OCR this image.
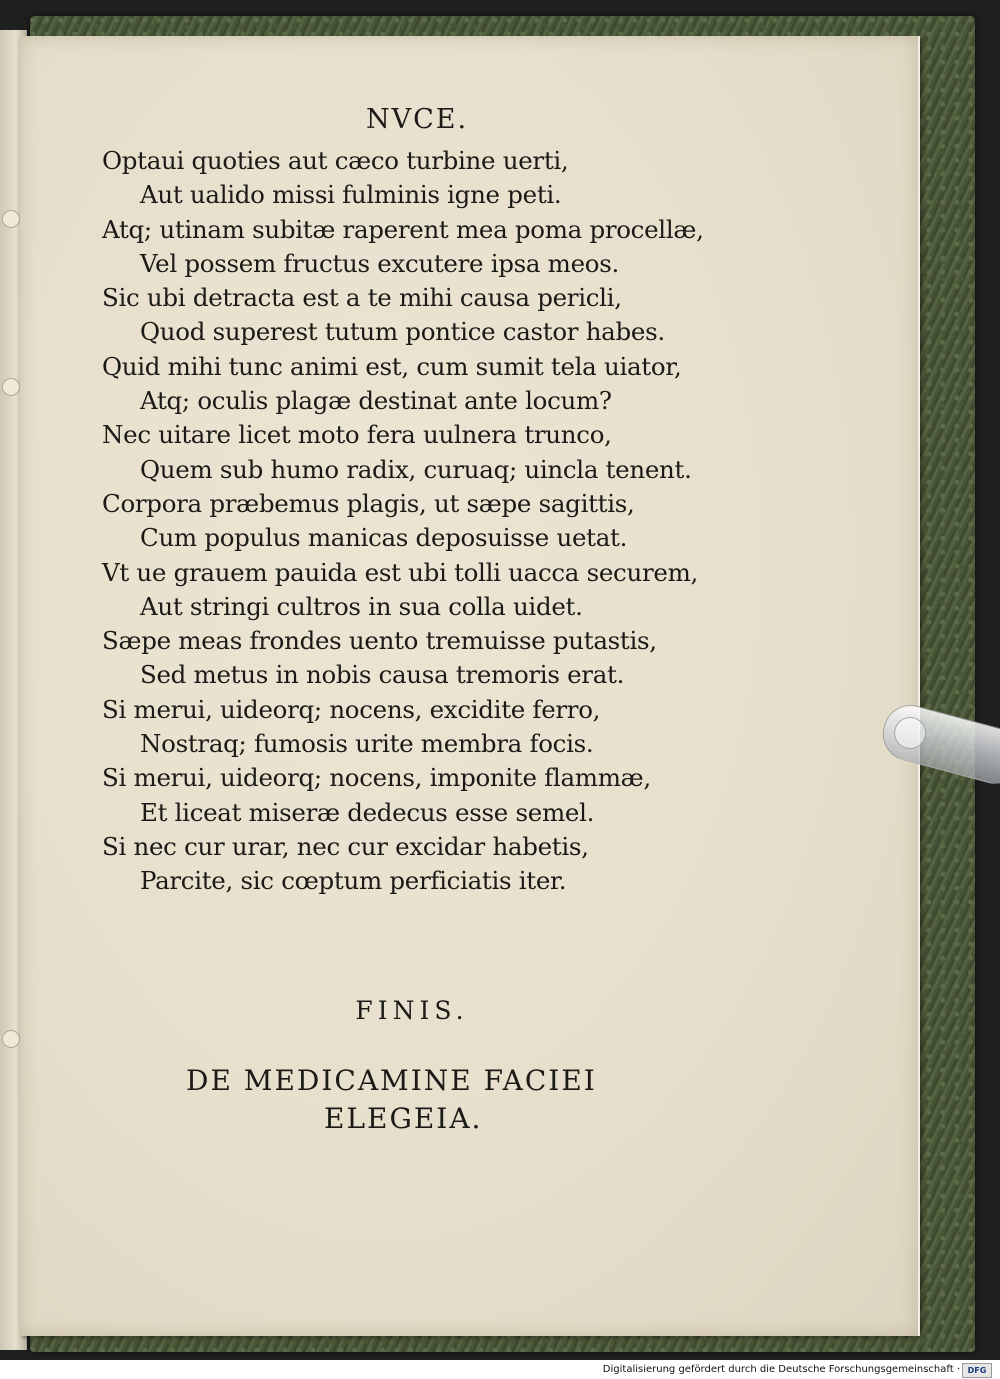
NVCE.
Optaui quoties aut cæco turbine uerti,
Aut ualido missi fulminis igne peti.
Atq; utinam subitæ raperent mea poma procellæ,
Vel possem fructus excutere ipsa meos.
Sic ubi detracta est a te mihi causa pericli,
Quod superest tutum pontice castor habes.
Quid mihi tunc animi est, cum sumit tela uiator,
Atq; oculis plagæ destinat ante locum?
Nec uitare licet moto fera uulnera trunco,
Quem sub humo radix, curuaq; uincla tenent.
Corpora præbemus plagis, ut sæpe sagittis,
Cum populus manicas deposuisse uetat.
Vt ue grauem pauida est ubi tolli uacca securem,
Aut stringi cultros in sua colla uidet.
Sæpe meas frondes uento tremuisse putastis,
Sed metus in nobis causa tremoris erat.
Si merui, uideorq; nocens, excidite ferro,
Nostraq; fumosis urite membra focis.
Si merui, uideorq; nocens, imponite flammæ,
Et liceat miseræ dedecus esse semel.
Si nec cur urar, nec cur excidar habetis,
Parcite, sic cœptum perficiatis iter.
FINIS.
DE MEDICAMINE FACIEI
ELEGEIA.
Digitalisierung gefördert durch die Deutsche Forschungsgemeinschaft · DFG
